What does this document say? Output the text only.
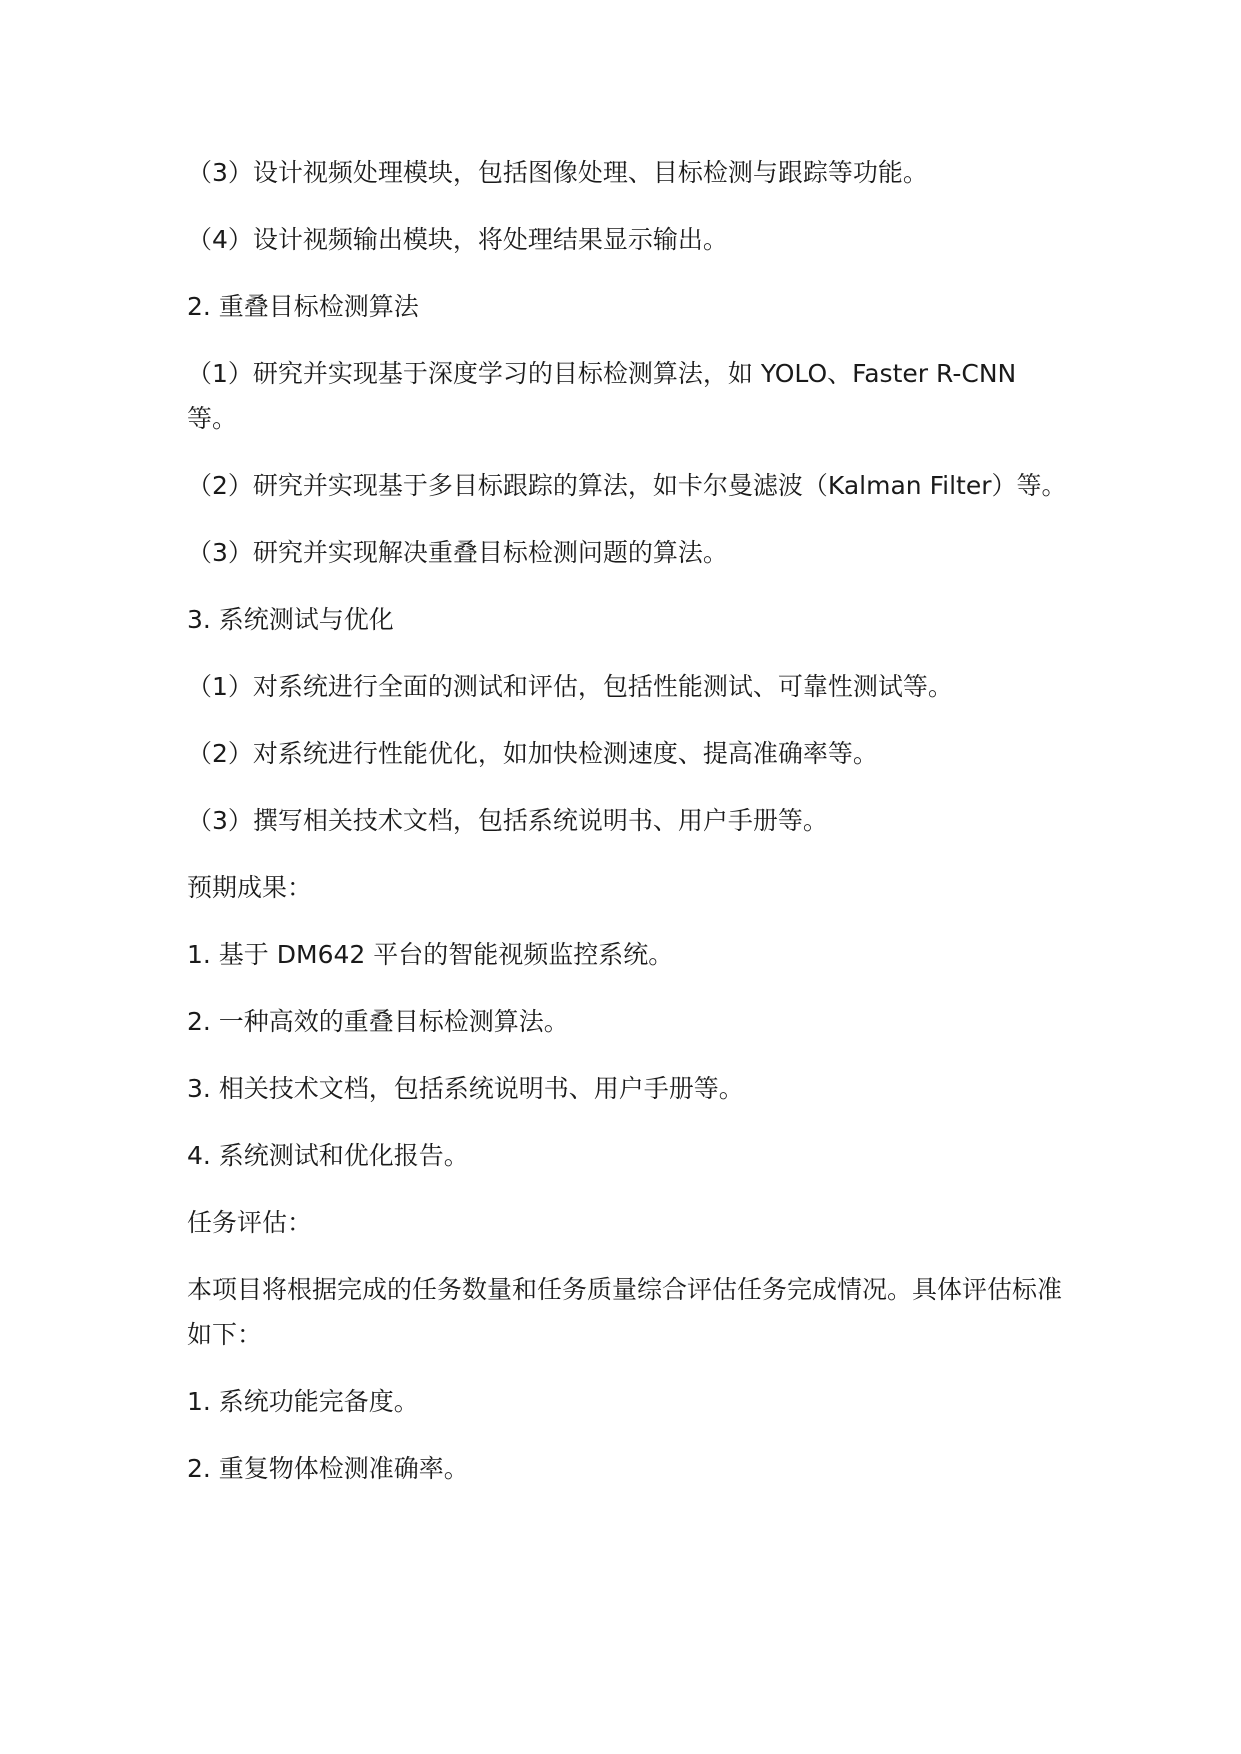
（3）设计视频处理模块，包括图像处理、目标检测与跟踪等功能。

（4）设计视频输出模块，将处理结果显示输出。

2. 重叠目标检测算法

（1）研究并实现基于深度学习的目标检测算法，如 YOLO、Faster R-CNN 等。

（2）研究并实现基于多目标跟踪的算法，如卡尔曼滤波（Kalman Filter）等。

（3）研究并实现解决重叠目标检测问题的算法。

3. 系统测试与优化

（1）对系统进行全面的测试和评估，包括性能测试、可靠性测试等。

（2）对系统进行性能优化，如加快检测速度、提高准确率等。

（3）撰写相关技术文档，包括系统说明书、用户手册等。

预期成果：

1. 基于 DM642 平台的智能视频监控系统。

2. 一种高效的重叠目标检测算法。

3. 相关技术文档，包括系统说明书、用户手册等。

4. 系统测试和优化报告。

任务评估：

本项目将根据完成的任务数量和任务质量综合评估任务完成情况。具体评估标准如下：

1. 系统功能完备度。

2. 重复物体检测准确率。
